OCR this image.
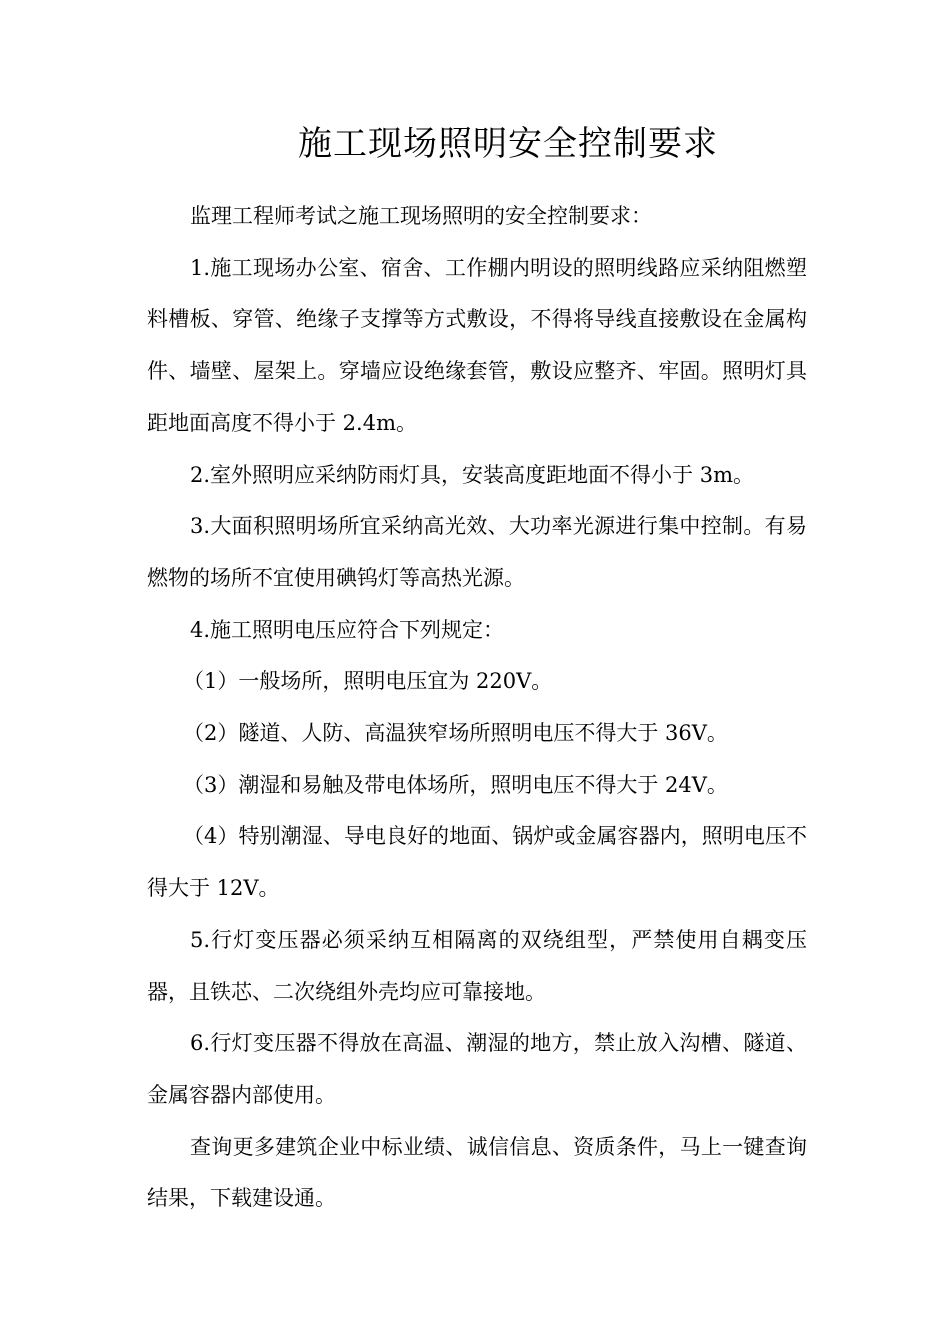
施工现场照明安全控制要求

监理工程师考试之施工现场照明的安全控制要求：

1.施工现场办公室、宿舍、工作棚内明设的照明线路应采纳阻燃塑料槽板、穿管、绝缘子支撑等方式敷设，不得将导线直接敷设在金属构件、墙壁、屋架上。穿墙应设绝缘套管，敷设应整齐、牢固。照明灯具距地面高度不得小于 2.4m。

2.室外照明应采纳防雨灯具，安装高度距地面不得小于 3m。

3.大面积照明场所宜采纳高光效、大功率光源进行集中控制。有易燃物的场所不宜使用碘钨灯等高热光源。

4.施工照明电压应符合下列规定：

（1）一般场所，照明电压宜为 220V。

（2）隧道、人防、高温狭窄场所照明电压不得大于 36V。

（3）潮湿和易触及带电体场所，照明电压不得大于 24V。

（4）特别潮湿、导电良好的地面、锅炉或金属容器内，照明电压不得大于 12V。

5.行灯变压器必须采纳互相隔离的双绕组型，严禁使用自耦变压器，且铁芯、二次绕组外壳均应可靠接地。

6.行灯变压器不得放在高温、潮湿的地方，禁止放入沟槽、隧道、金属容器内部使用。

查询更多建筑企业中标业绩、诚信信息、资质条件，马上一键查询结果，下载建设通。
